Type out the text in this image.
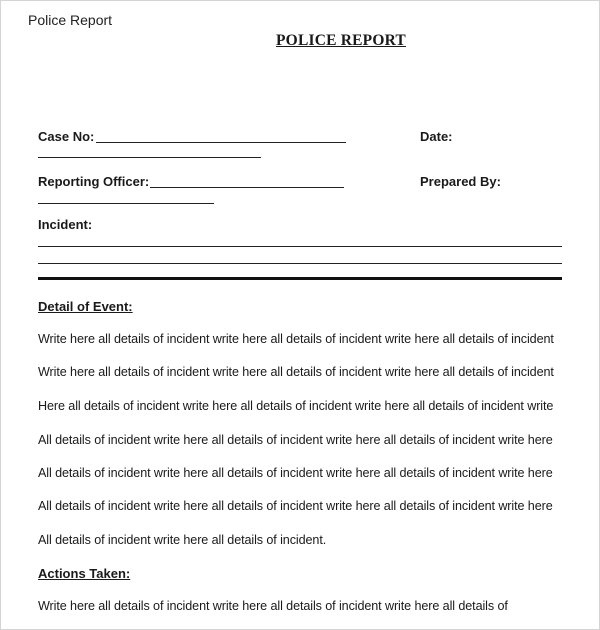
Police Report
POLICE REPORT
Case No:	Date:
Reporting Officer:	Prepared By:
Incident:
Detail of Event:
Write here all details of incident write here all details of incident write here all details of incident
Write here all details of incident write here all details of incident write here all details of incident
Here all details of incident write here all details of incident write here all details of incident write
All details of incident write here all details of incident write here all details of incident write here
All details of incident write here all details of incident write here all details of incident write here
All details of incident write here all details of incident write here all details of incident write here
All details of incident write here all details of incident.
Actions Taken:
Write here all details of incident write here all details of incident write here all details of
